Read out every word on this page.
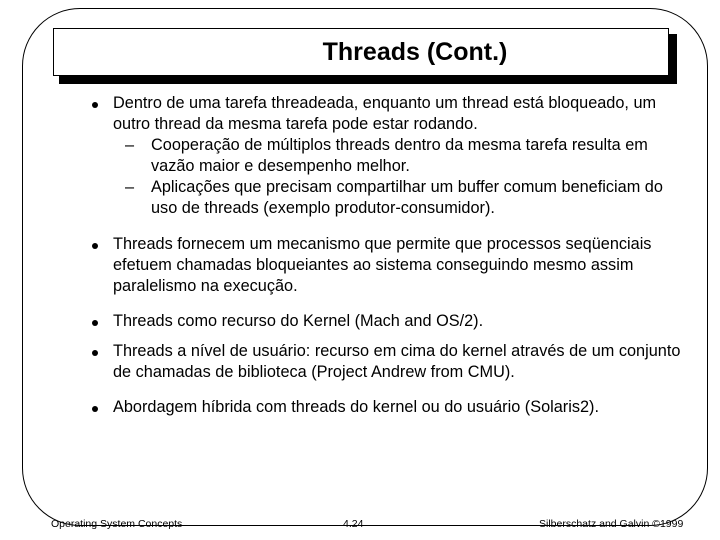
Threads (Cont.)
Dentro de uma tarefa threadeada, enquanto um thread está bloqueado, um outro thread da mesma tarefa pode estar rodando.
– Cooperação de múltiplos threads dentro da mesma tarefa resulta em vazão maior e desempenho melhor.
– Aplicações que precisam compartilhar um buffer comum beneficiam do uso de threads (exemplo produtor-consumidor).
Threads fornecem um mecanismo que permite que processos seqüenciais efetuem chamadas bloqueiantes ao sistema conseguindo mesmo assim paralelismo na execução.
Threads como recurso do Kernel (Mach and OS/2).
Threads a nível de usuário: recurso em cima do kernel através de um conjunto de chamadas de biblioteca (Project Andrew from CMU).
Abordagem híbrida com threads do kernel ou do usuário (Solaris2).
Operating System Concepts	4.24	Silberschatz and Galvin ©1999
